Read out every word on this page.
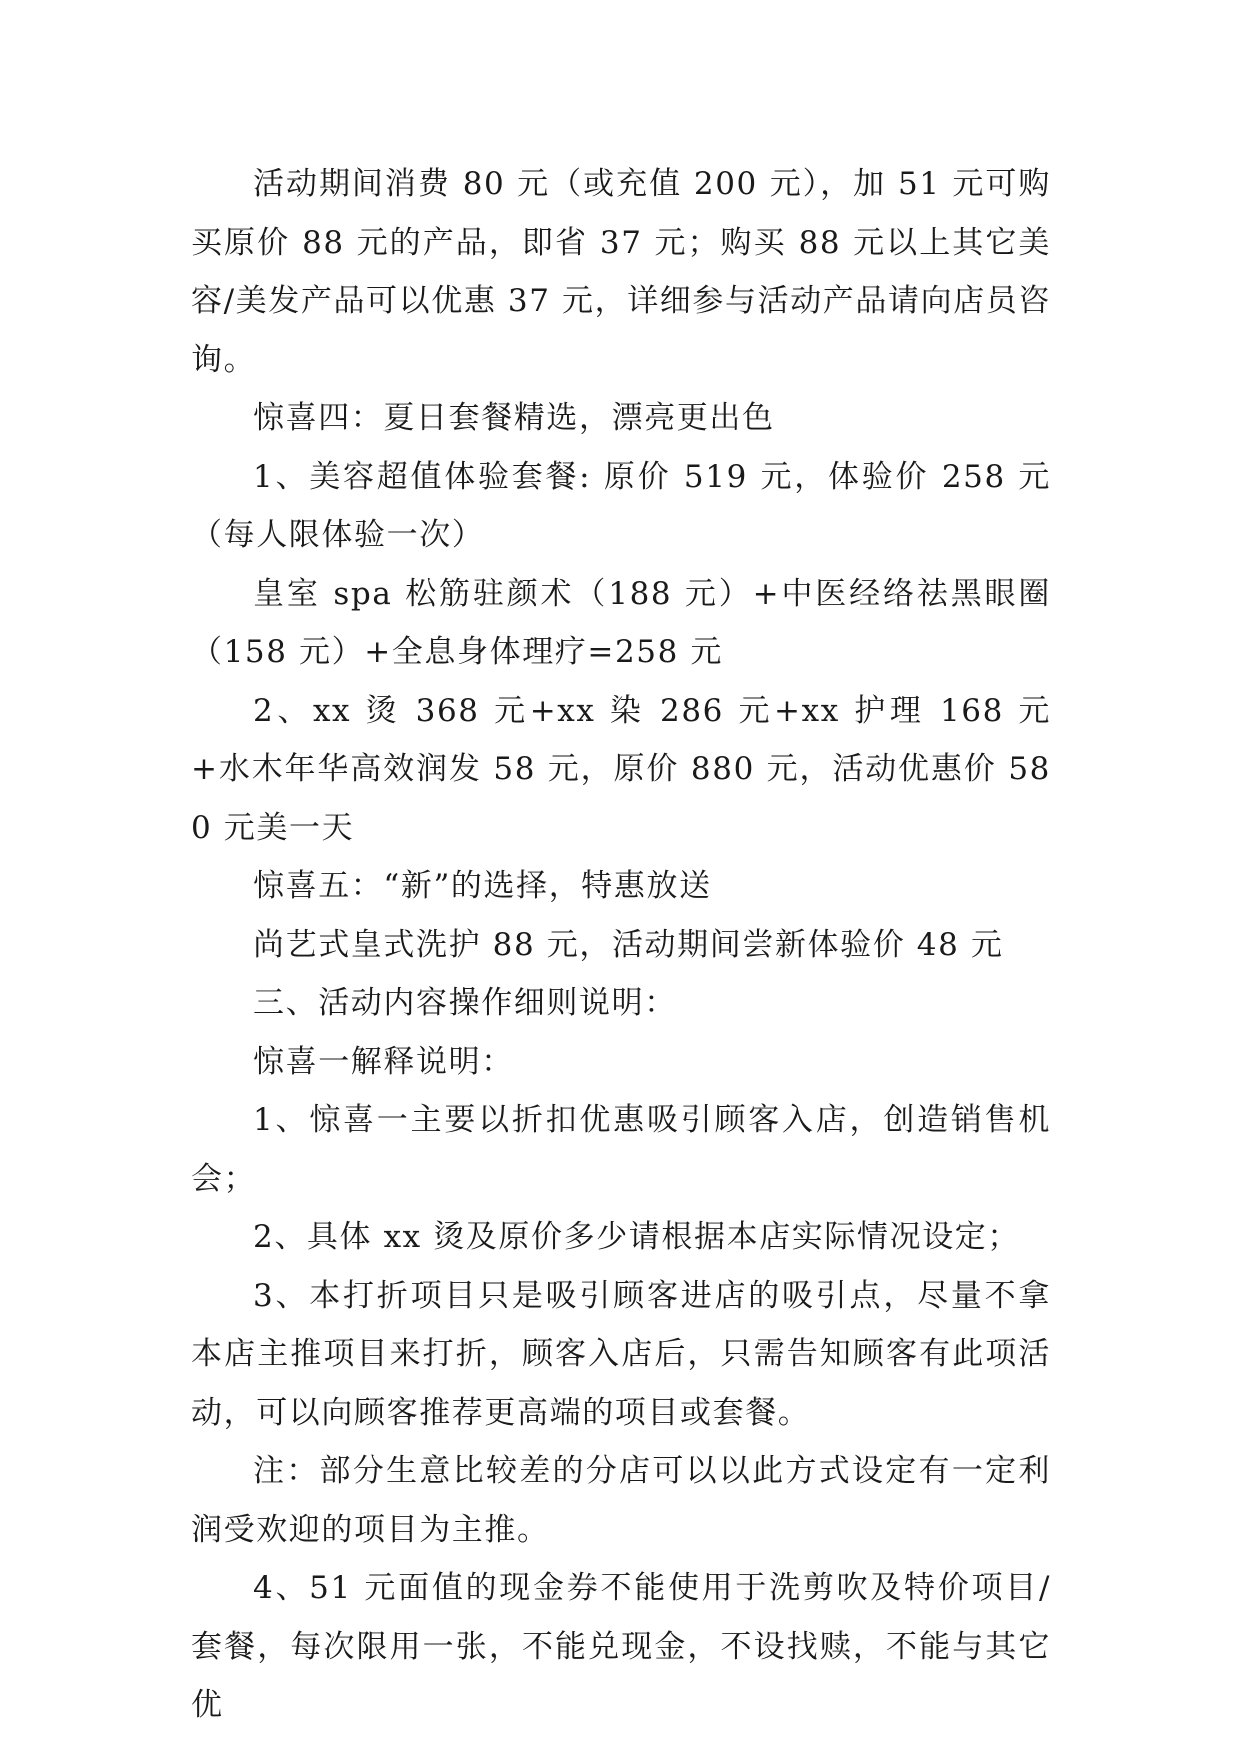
活动期间消费 80 元（或充值 200 元），加 51 元可购买原价 88 元的产品，即省 37 元；购买 88 元以上其它美容/美发产品可以优惠 37 元，详细参与活动产品请向店员咨询。

惊喜四：夏日套餐精选，漂亮更出色

1、美容超值体验套餐: 原价 519 元，体验价 258 元（每人限体验一次）

皇室 spa 松筋驻颜术（188 元）+中医经络祛黑眼圈（158 元）+全息身体理疗=258 元

2、xx 烫 368 元+xx 染 286 元+xx 护理 168 元+水木年华高效润发 58 元，原价 880 元，活动优惠价 580 元美一天

惊喜五：“新”的选择，特惠放送

尚艺式皇式洗护 88 元，活动期间尝新体验价 48 元

三、活动内容操作细则说明：

惊喜一解释说明：

1、惊喜一主要以折扣优惠吸引顾客入店，创造销售机会；

2、具体 xx 烫及原价多少请根据本店实际情况设定；

3、本打折项目只是吸引顾客进店的吸引点，尽量不拿本店主推项目来打折，顾客入店后，只需告知顾客有此项活动，可以向顾客推荐更高端的项目或套餐。

注：部分生意比较差的分店可以以此方式设定有一定利润受欢迎的项目为主推。

4、51 元面值的现金券不能使用于洗剪吹及特价项目/套餐，每次限用一张，不能兑现金，不设找赎，不能与其它优
